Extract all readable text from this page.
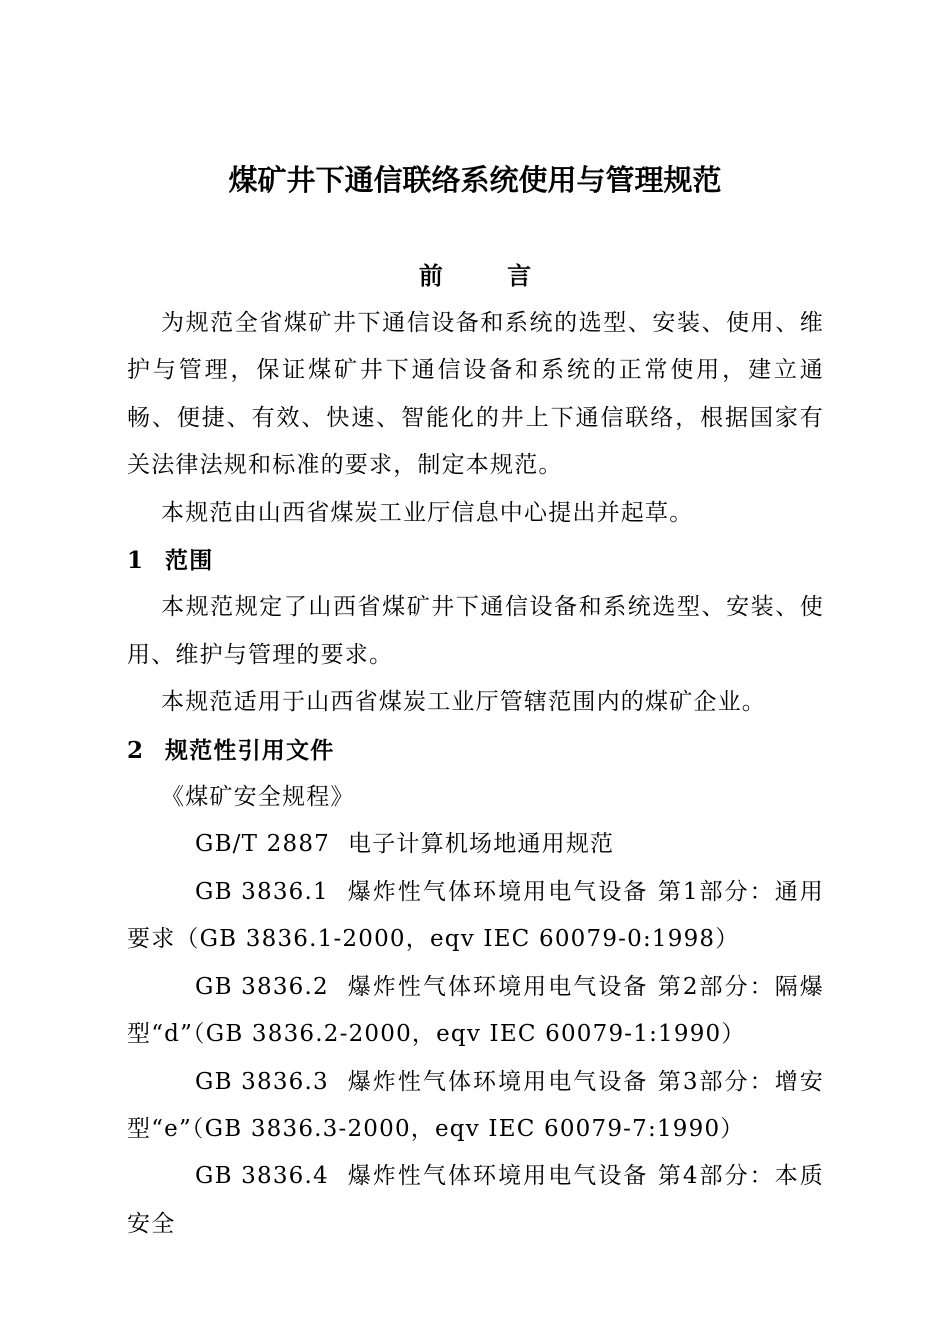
煤矿井下通信联络系统使用与管理规范
前 言

为规范全省煤矿井下通信设备和系统的选型、安装、使用、维护与管理，保证煤矿井下通信设备和系统的正常使用，建立通畅、便捷、有效、快速、智能化的井上下通信联络，根据国家有关法律法规和标准的要求，制定本规范。

本规范由山西省煤炭工业厅信息中心提出并起草。

1 范围

本规范规定了山西省煤矿井下通信设备和系统选型、安装、使用、维护与管理的要求。

本规范适用于山西省煤炭工业厅管辖范围内的煤矿企业。

2 规范性引用文件

《煤矿安全规程》

GB/T 2887 电子计算机场地通用规范

GB 3836.1 爆炸性气体环境用电气设备 第1部分：通用要求（GB 3836.1-2000，eqv IEC 60079-0:1998）

GB 3836.2 爆炸性气体环境用电气设备 第2部分：隔爆型“d”（GB 3836.2-2000，eqv IEC 60079-1:1990）

GB 3836.3 爆炸性气体环境用电气设备 第3部分：增安型“e”（GB 3836.3-2000，eqv IEC 60079-7:1990）

GB 3836.4 爆炸性气体环境用电气设备 第4部分：本质安全
